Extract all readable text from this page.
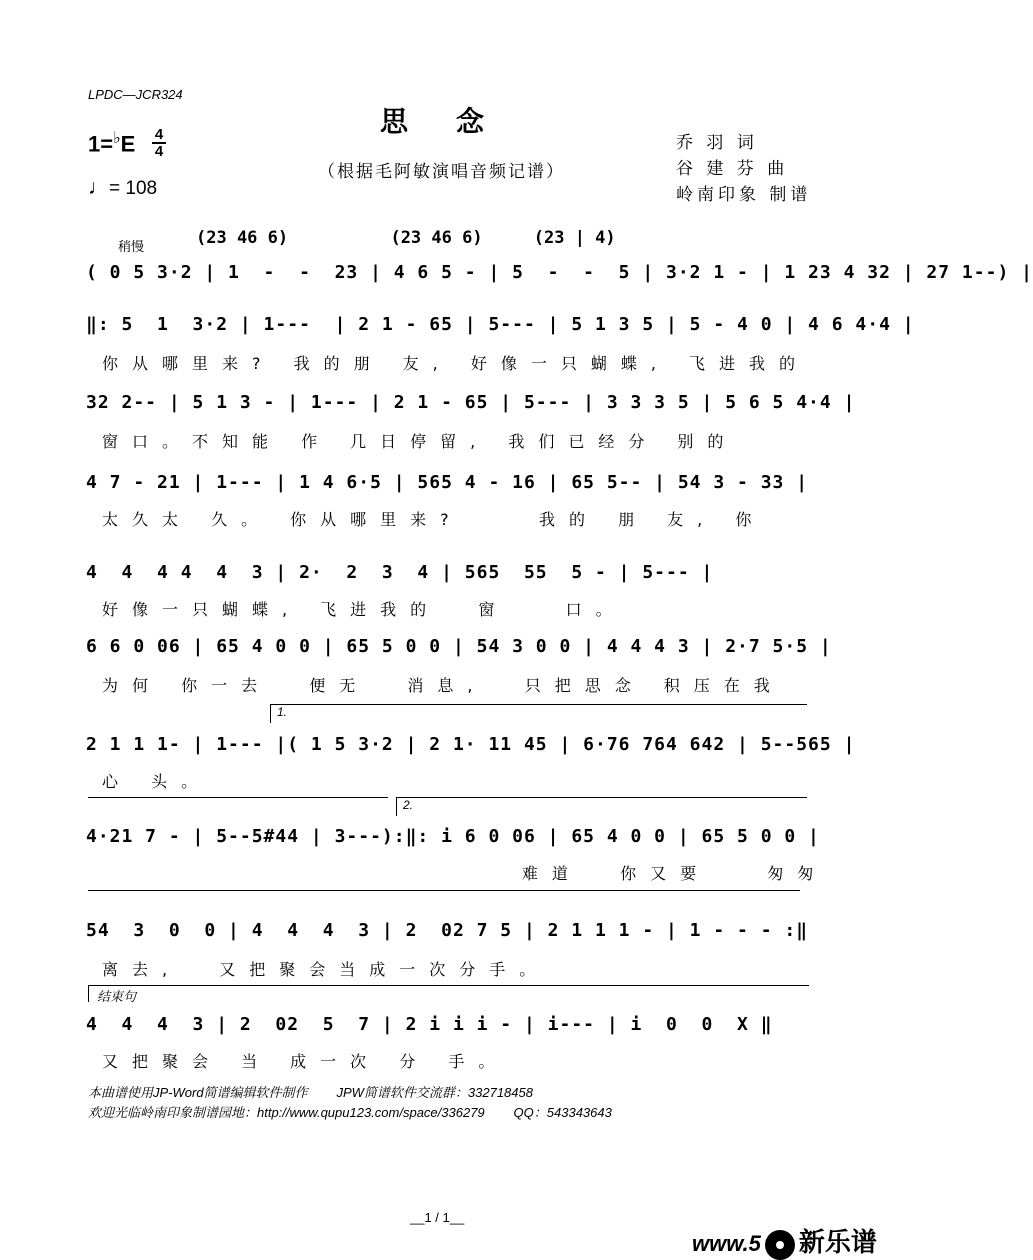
LPDC—JCR324
思念
（根据毛阿敏演唱音频记谱）
1=♭E 4
4
♩= 108
乔 羽 词
谷 建 芬 曲
岭南印象 制谱
稍慢	(23 46 6)          (23 46 6)     (23 | 4)
( 0 5 3·2 | 1  -  -  23 | 4 6 5 - | 5  -  -  5 | 3·2 1 - | 1 23 4 32 | 27 1--) |
‖: 5  1  3·2 | 1---  | 2 1 - 65 | 5--- | 5 1 3 5 | 5 - 4 0 | 4 6 4·4 |
你从哪里来? 我的朋 友, 好像一只蝴蝶, 飞进我的
32 2-- | 5 1 3 - | 1--- | 2 1 - 65 | 5--- | 3 3 3 5 | 5 6 5 4·4 |
窗口。不知能 作 几日停留, 我们已经分 别的
4 7 - 21 | 1--- | 1 4 6·5 | 565 4 - 16 | 65 5-- | 54 3 - 33 |
太久太 久。 你从哪里来?    我的 朋 友, 你
4  4  4 4  4  3 | 2·  2  3  4 | 565  55  5 - | 5--- |
好像一只蝴蝶, 飞进我的  窗   口。
6 6 0 06 | 65 4 0 0 | 65 5 0 0 | 54 3 0 0 | 4 4 4 3 | 2·7 5·5 |
为何 你一去  便无  消息,  只把思念 积压在我
1.
2 1 1 1- | 1--- |( 1 5 3·2 | 2 1· 11 45 | 6·76 764 642 | 5--565 |
心 头。
2.
4·21 7 - | 5--5#44 | 3---):‖: i 6 0 06 | 65 4 0 0 | 65 5 0 0 |
难道  你又要   匆匆
54  3  0  0 | 4  4  4  3 | 2  02 7 5 | 2 1 1 1 - | 1 - - - :‖
离去,  又把聚会当成一次分手。
结束句
4  4  4  3 | 2  02  5  7 | 2 i i i - | i--- | i  0  0  X ‖
又把聚会 当 成一次 分 手。
本曲谱使用JP-Word简谱编辑软件制作        JPW简谱软件交流群：332718458
欢迎光临岭南印象制谱园地：http://www.qupu123.com/space/336279        QQ：543343643
__1 / 1__
www.5 新乐谱
